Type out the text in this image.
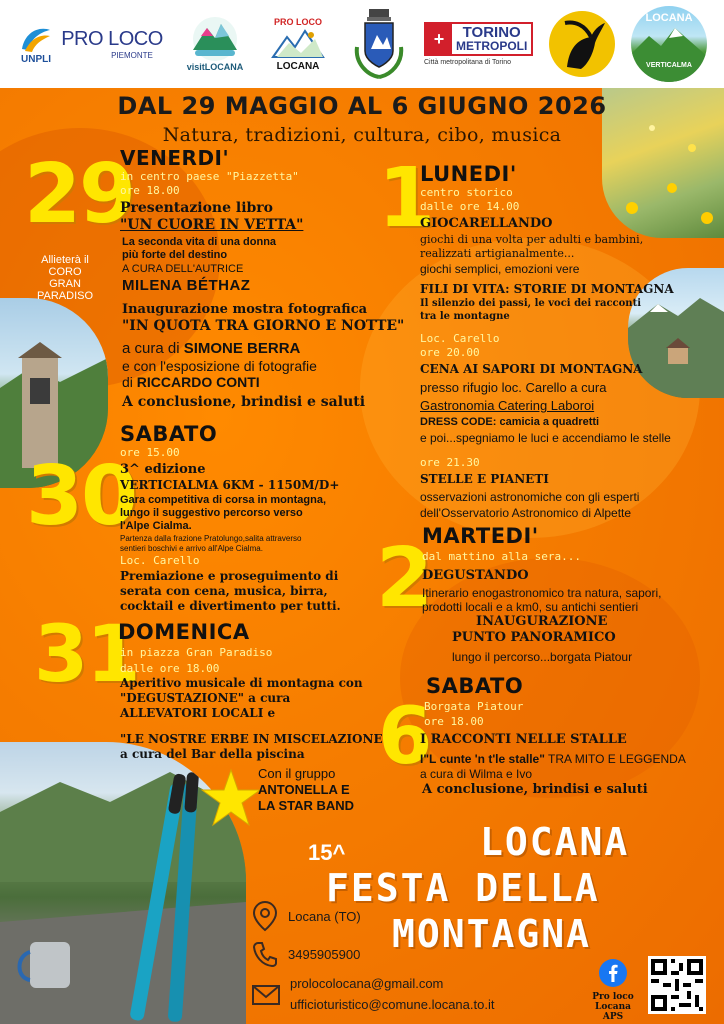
UNPLI
PRO LOCO
PIEMONTE
visitLOCANA
PRO LOCO
LOCANA
+	TORINO
METROPOLI
Città metropolitana di Torino
LOCANA
VERTICALMA
DAL 29 MAGGIO AL 6 GIUGNO 2026
Natura, tradizioni, cultura, cibo, musica
29
VENERDI'
in centro paese "Piazzetta"
ore 18.00
Allieterà il
CORO
GRAN
PARADISO
Presentazione libro
"UN CUORE IN VETTA"
La seconda vita di una donna
più forte del destino
A CURA DELL'AUTRICE
MILENA BÉTHAZ
Inaugurazione mostra fotografica
"IN QUOTA TRA GIORNO E NOTTE"
a cura di SIMONE BERRA
e con l'esposizione di fotografie
di RICCARDO CONTI
A conclusione, brindisi e saluti
SABATO
30
ore 15.00
3^ edizione
VERTICIALMA 6KM - 1150M/D+
Gara competitiva di corsa in montagna,
lungo il suggestivo percorso verso
l'Alpe Cialma.
Partenza dalla frazione Pratolungo,salita attraverso
sentieri boschivi e arrivo all'Alpe Cialma.
Loc. Carello
Premiazione e proseguimento di
serata con cena, musica, birra,
cocktail e divertimento per tutti.
31
DOMENICA
in piazza Gran Paradiso
dalle ore 18.00
Aperitivo musicale di montagna con
"DEGUSTAZIONE" a cura
ALLEVATORI LOCALI e
"LE NOSTRE ERBE IN MISCELAZIONE"
a cura del Bar della piscina
Con il gruppo
ANTONELLA E
LA STAR BAND
1
LUNEDI'
centro storico
dalle ore 14.00
GIOCARELLANDO
giochi di una volta per adulti e bambini,
realizzati artigianalmente...
giochi semplici, emozioni vere
FILI DI VITA: STORIE DI MONTAGNA
Il silenzio dei passi, le voci dei racconti
tra le montagne
Loc. Carello
ore 20.00
CENA AI SAPORI DI MONTAGNA
presso rifugio loc. Carello a cura
Gastronomia Catering Laboroi
DRESS CODE: camicia a quadretti
e poi...spegniamo le luci e accendiamo le stelle
ore 21.30
STELLE E PIANETI
osservazioni astronomiche con gli esperti
dell'Osservatorio Astronomico di Alpette
MARTEDI'
2
dal mattino alla sera...
DEGUSTANDO
Itinerario enogastronomico tra natura, sapori,
prodotti locali e a km0, su antichi sentieri
INAUGURAZIONE
PUNTO PANORAMICO
lungo il percorso...borgata Piatour
SABATO
6
Borgata Piatour
ore 18.00
I RACCONTI NELLE STALLE
I"L cunte 'n t'le stalle" TRA MITO E LEGGENDA
a cura di Wilma e Ivo
A conclusione, brindisi e saluti
15^	LOCANA
FESTA DELLA
MONTAGNA
Locana (TO)
3495905900
prolocolocana@gmail.com
ufficioturistico@comune.locana.to.it	Pro loco
Locana APS
